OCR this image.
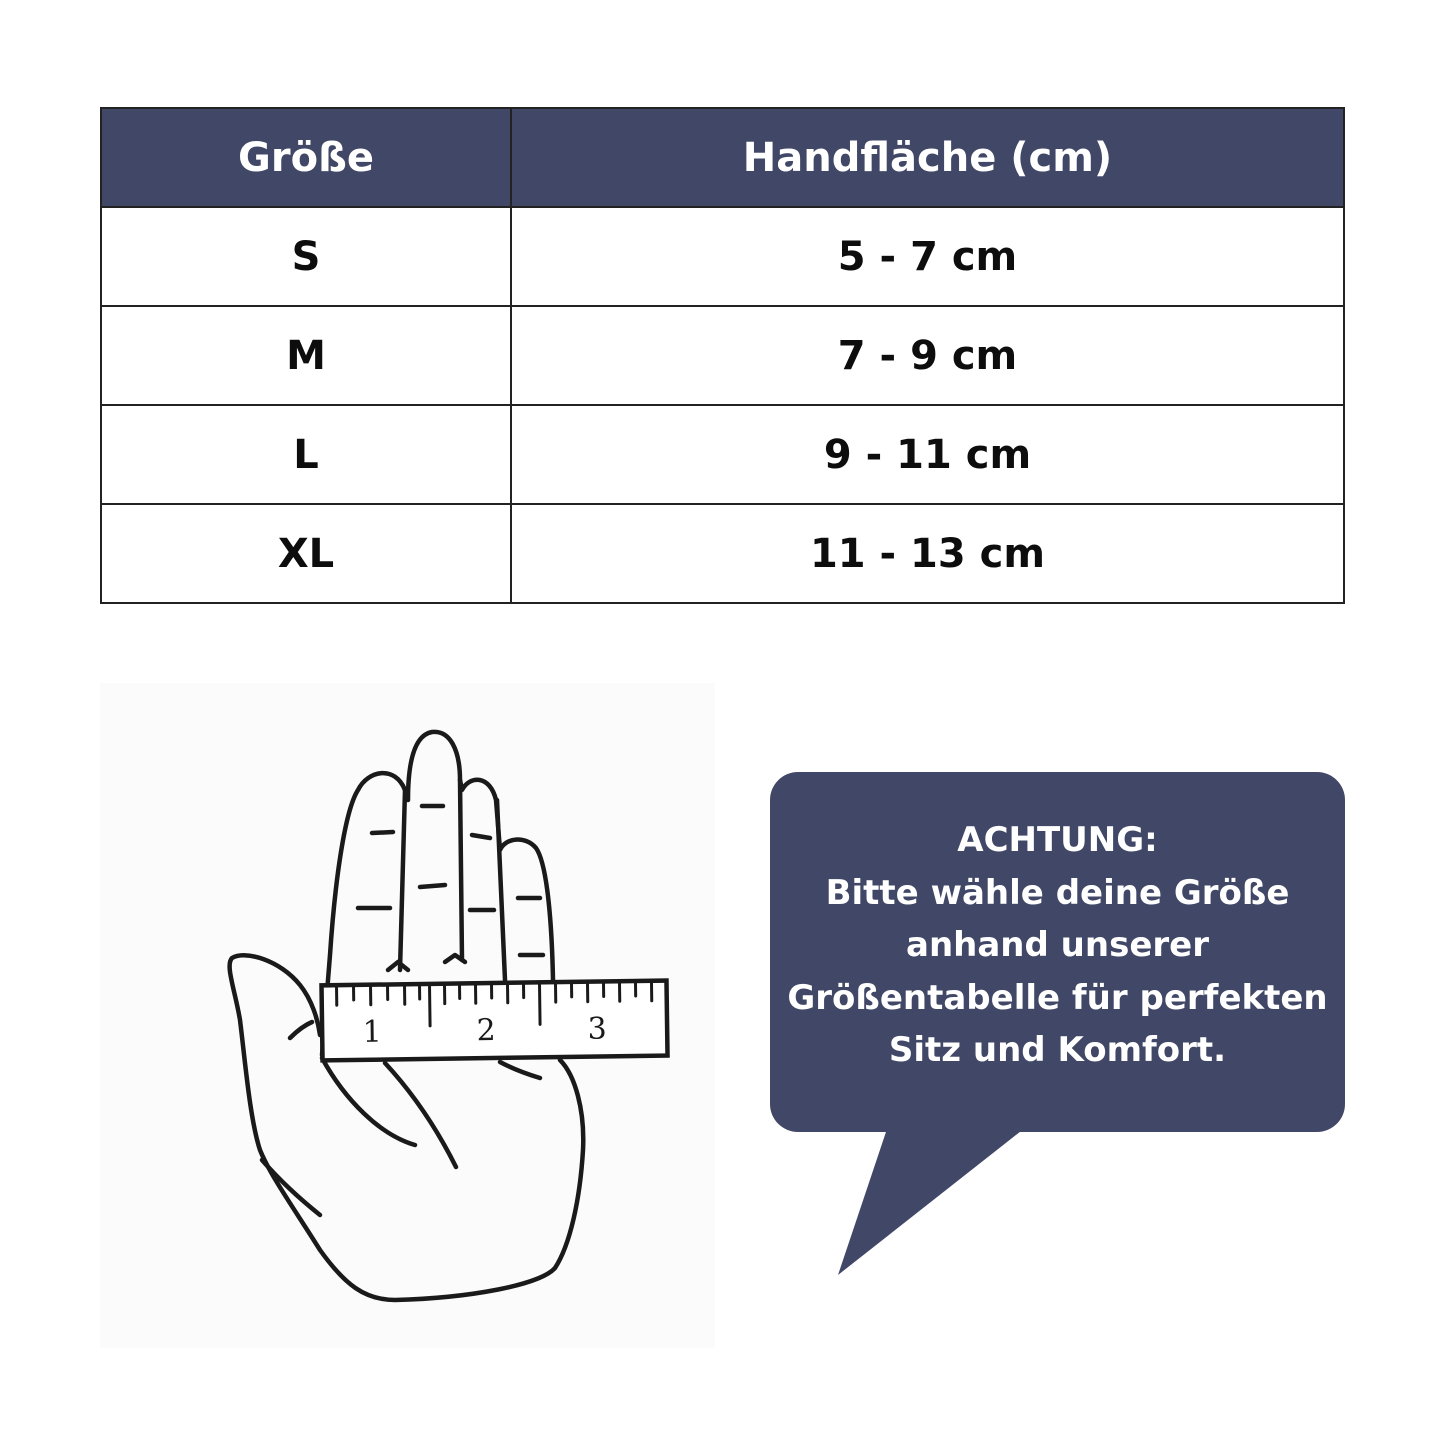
Größe	Handfläche (cm)
S	5 - 7 cm
M	7 - 9 cm
L	9 - 11 cm
XL	11 - 13 cm
1	2	3
ACHTUNG:
Bitte wähle deine Größe
anhand unserer
Größentabelle für perfekten
Sitz und Komfort.
